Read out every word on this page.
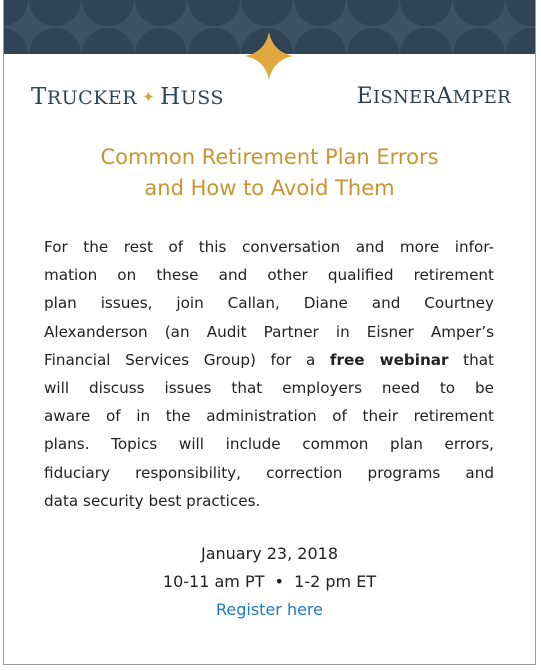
TRUCKER ✦ HUSS	EISNERAMPER
Common Retirement Plan Errors
and How to Avoid Them
For the rest of this conversation and more infor-
mation on these and other qualified retirement
plan issues, join Callan, Diane and Courtney
Alexanderson (an Audit Partner in Eisner Amper’s
Financial Services Group) for a free webinar that
will discuss issues that employers need to be
aware of in the administration of their retirement
plans. Topics will include common plan errors,
fiduciary responsibility, correction programs and
data security best practices.
January 23, 2018
10-11 am PT • 1-2 pm ET
Register here
